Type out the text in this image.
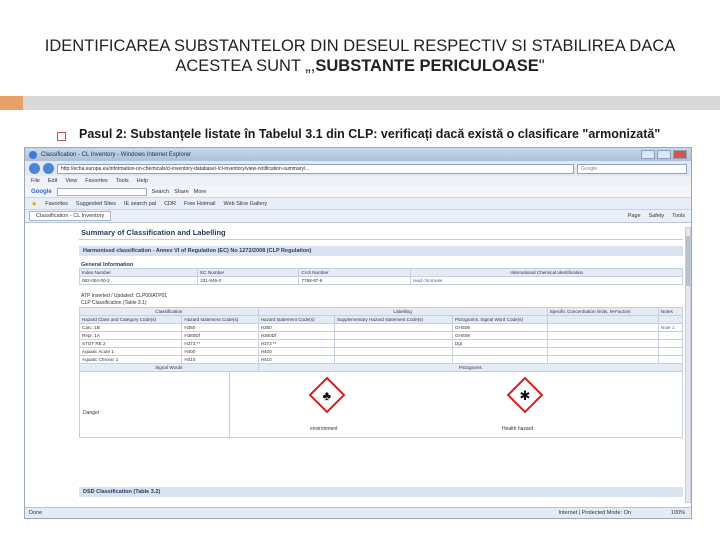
IDENTIFICAREA SUBSTANTELOR DIN DESEUL RESPECTIV SI STABILIREA DACA
ACESTEA SUNT „,SUBSTANTE PERICULOASE"
Pasul 2: Substanțele listate în Tabelul 3.1 din CLP: verificați dacă există o clasificare "armonizată"
Classification - CL Inventory - Windows Internet Explorer
http://echa.europa.eu/information-on-chemicals/cl-inventory-database/-/cl-inventory/view-notification-summary/...	Google
File Edit View Favorites Tools Help
Google	Search Share More
★ Favorites Suggested Sites IE search pal CDR Free Hotmail Web Slice Gallery
Classification - CL Inventory	Page Safety Tools
Summary of Classification and Labelling
Harmonised classification - Annex VI of Regulation (EC) No 1272/2008 (CLP Regulation)
General Information
Index Number	EC Number	CAS Number	International Chemical Identification
082-004-00-2	231-846-0	7758-97-6	lead chromate
ATP Inserted / Updated: CLP00/ATP01
CLP Classification (Table 3.1)
Classification		Labelling			Specific Concentration limits, M-Factors	Notes
Hazard Class and Category Code(s)	Hazard statement Code(s)	Hazard statement Code(s)	Supplementary Hazard statement Code(s)	Pictograms, Signal Word Code(s)		
Carc. 1B	H350	H350		GHS08		Note 1
Repr. 1A	H360Df	H360Df		GHS09		
STOT RE 2	H373 **	H373 **		Dgr		
Aquatic Acute 1	H400	H400				
Aquatic Chronic 1	H410	H410				
Signal Words		Pictograms				
Danger
♣	✱
environment	Health hazard
DSD Classification (Table 3.2)
Done	Internet | Protected Mode: On	100%
